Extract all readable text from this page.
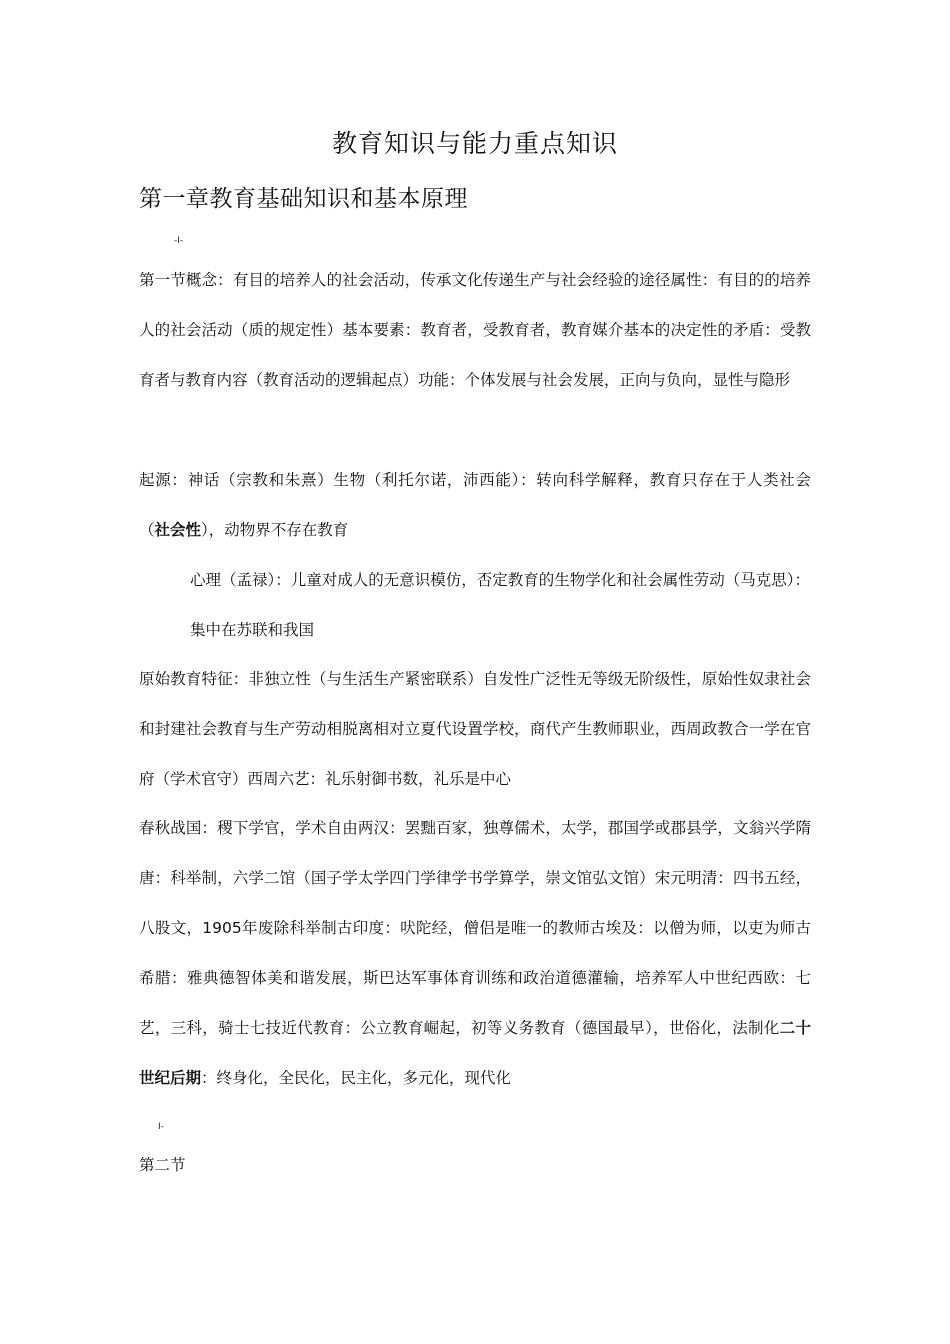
教育知识与能力重点知识
第一章教育基础知识和基本原理
-I-

第一节概念：有目的培养人的社会活动，传承文化传递生产与社会经验的途径属性：有目的的培养人的社会活动（质的规定性）基本要素：教育者，受教育者，教育媒介基本的决定性的矛盾：受教育者与教育内容（教育活动的逻辑起点）功能：个体发展与社会发展，正向与负向，显性与隐形

起源：神话（宗教和朱熹）生物（利托尔诺，沛西能）：转向科学解释，教育只存在于人类社会（社会性），动物界不存在教育

心理（孟禄）：儿童对成人的无意识模仿，否定教育的生物学化和社会属性劳动（马克思）：集中在苏联和我国

原始教育特征：非独立性（与生活生产紧密联系）自发性广泛性无等级无阶级性，原始性奴隶社会和封建社会教育与生产劳动相脱离相对立夏代设置学校，商代产生教师职业，西周政教合一学在官府（学术官守）西周六艺：礼乐射御书数，礼乐是中心

春秋战国：稷下学官，学术自由两汉：罢黜百家，独尊儒术，太学，郡国学或郡县学，文翁兴学隋唐：科举制，六学二馆（国子学太学四门学律学书学算学，崇文馆弘文馆）宋元明清：四书五经，八股文，1905年废除科举制古印度：吠陀经，僧侣是唯一的教师古埃及：以僧为师，以吏为师古希腊：雅典德智体美和谐发展，斯巴达军事体育训练和政治道德灌输，培养军人中世纪西欧：七艺，三科，骑士七技近代教育：公立教育崛起，初等义务教育（德国最早），世俗化，法制化二十世纪后期：终身化，全民化，民主化，多元化，现代化

I-
第二节
